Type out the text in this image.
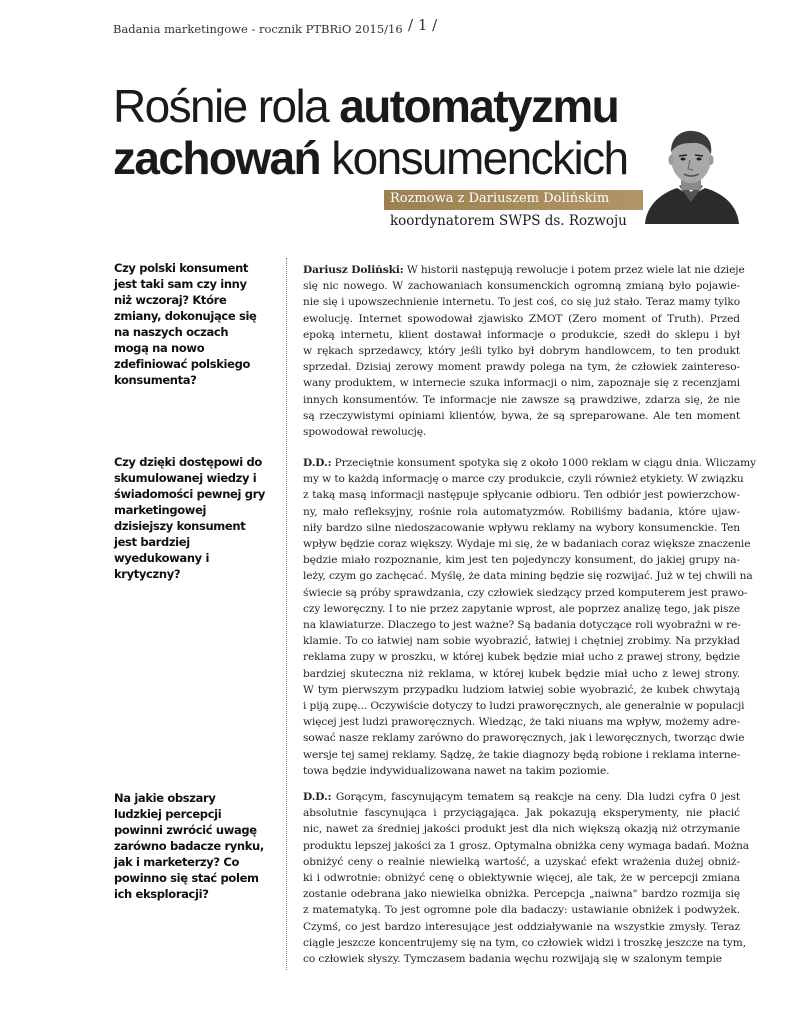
Badania marketingowe - rocznik PTBRiO 2015/16 / 1 /
Rośnie rola automatyzmu
zachowań konsumenckich
Rozmowa z Dariuszem Dolińskim
koordynatorem SWPS ds. Rozwoju
Czy polski konsument jest taki sam czy inny niż wczoraj? Które zmiany, dokonujące się na naszych oczach mogą na nowo zdefiniować polskiego konsumenta?
Czy dzięki dostępowi do skumulowanej wiedzy i świadomości pewnej gry marketingowej dzisiejszy konsument jest bardziej wyedukowany i krytyczny?
Na jakie obszary ludzkiej percepcji powinni zwrócić uwagę zarówno badacze rynku, jak i marketerzy? Co powinno się stać polem ich eksploracji?
Dariusz Doliński: W historii następują rewolucje i potem przez wiele lat nie dzieje
się nic nowego. W zachowaniach konsumenckich ogromną zmianą było pojawie-
nie się i upowszechnienie internetu. To jest coś, co się już stało. Teraz mamy tylko
ewolucję. Internet spowodował zjawisko ZMOT (Zero moment of Truth). Przed
epoką internetu, klient dostawał informacje o produkcie, szedł do sklepu i był
w rękach sprzedawcy, który jeśli tylko był dobrym handlowcem, to ten produkt
sprzedał. Dzisiaj zerowy moment prawdy polega na tym, że człowiek zaintereso-
wany produktem, w internecie szuka informacji o nim, zapoznaje się z recenzjami
innych konsumentów. Te informacje nie zawsze są prawdziwe, zdarza się, że nie
są rzeczywistymi opiniami klientów, bywa, że są spreparowane. Ale ten moment
spowodował rewolucję.
D.D.: Przeciętnie konsument spotyka się z około 1000 reklam w ciągu dnia. Wliczamy
my w to każdą informację o marce czy produkcie, czyli również etykiety. W związku
z taką masą informacji następuje spłycanie odbioru. Ten odbiór jest powierzchow-
ny, mało refleksyjny, rośnie rola automatyzmów. Robiliśmy badania, które ujaw-
niły bardzo silne niedoszacowanie wpływu reklamy na wybory konsumenckie. Ten
wpływ będzie coraz większy. Wydaje mi się, że w badaniach coraz większe znaczenie
będzie miało rozpoznanie, kim jest ten pojedynczy konsument, do jakiej grupy na-
leży, czym go zachęcać. Myślę, że data mining będzie się rozwijać. Już w tej chwili na
świecie są próby sprawdzania, czy człowiek siedzący przed komputerem jest prawo-
czy leworęczny. I to nie przez zapytanie wprost, ale poprzez analizę tego, jak pisze
na klawiaturze. Dlaczego to jest ważne? Są badania dotyczące roli wyobraźni w re-
klamie. To co łatwiej nam sobie wyobrazić, łatwiej i chętniej zrobimy. Na przykład
reklama zupy w proszku, w której kubek będzie miał ucho z prawej strony, będzie
bardziej skuteczna niż reklama, w której kubek będzie miał ucho z lewej strony.
W tym pierwszym przypadku ludziom łatwiej sobie wyobrazić, że kubek chwytają
i piją zupę... Oczywiście dotyczy to ludzi praworęcznych, ale generalnie w populacji
więcej jest ludzi praworęcznych. Wiedząc, że taki niuans ma wpływ, możemy adre-
sować nasze reklamy zarówno do praworęcznych, jak i leworęcznych, tworząc dwie
wersje tej samej reklamy. Sądzę, że takie diagnozy będą robione i reklama interne-
towa będzie indywidualizowana nawet na takim poziomie.
D.D.: Gorącym, fascynującym tematem są reakcje na ceny. Dla ludzi cyfra 0 jest
absolutnie fascynująca i przyciągająca. Jak pokazują eksperymenty, nie płacić
nic, nawet za średniej jakości produkt jest dla nich większą okazją niż otrzymanie
produktu lepszej jakości za 1 grosz. Optymalna obniżka ceny wymaga badań. Można
obniżyć ceny o realnie niewielką wartość, a uzyskać efekt wrażenia dużej obniż-
ki i odwrotnie: obniżyć cenę o obiektywnie więcej, ale tak, że w percepcji zmiana
zostanie odebrana jako niewielka obniżka. Percepcja „naiwna" bardzo rozmija się
z matematyką. To jest ogromne pole dla badaczy: ustawianie obniżek i podwyżek.
Czymś, co jest bardzo interesujące jest oddziaływanie na wszystkie zmysły. Teraz
ciągle jeszcze koncentrujemy się na tym, co człowiek widzi i troszkę jeszcze na tym,
co człowiek słyszy. Tymczasem badania węchu rozwijają się w szalonym tempie
